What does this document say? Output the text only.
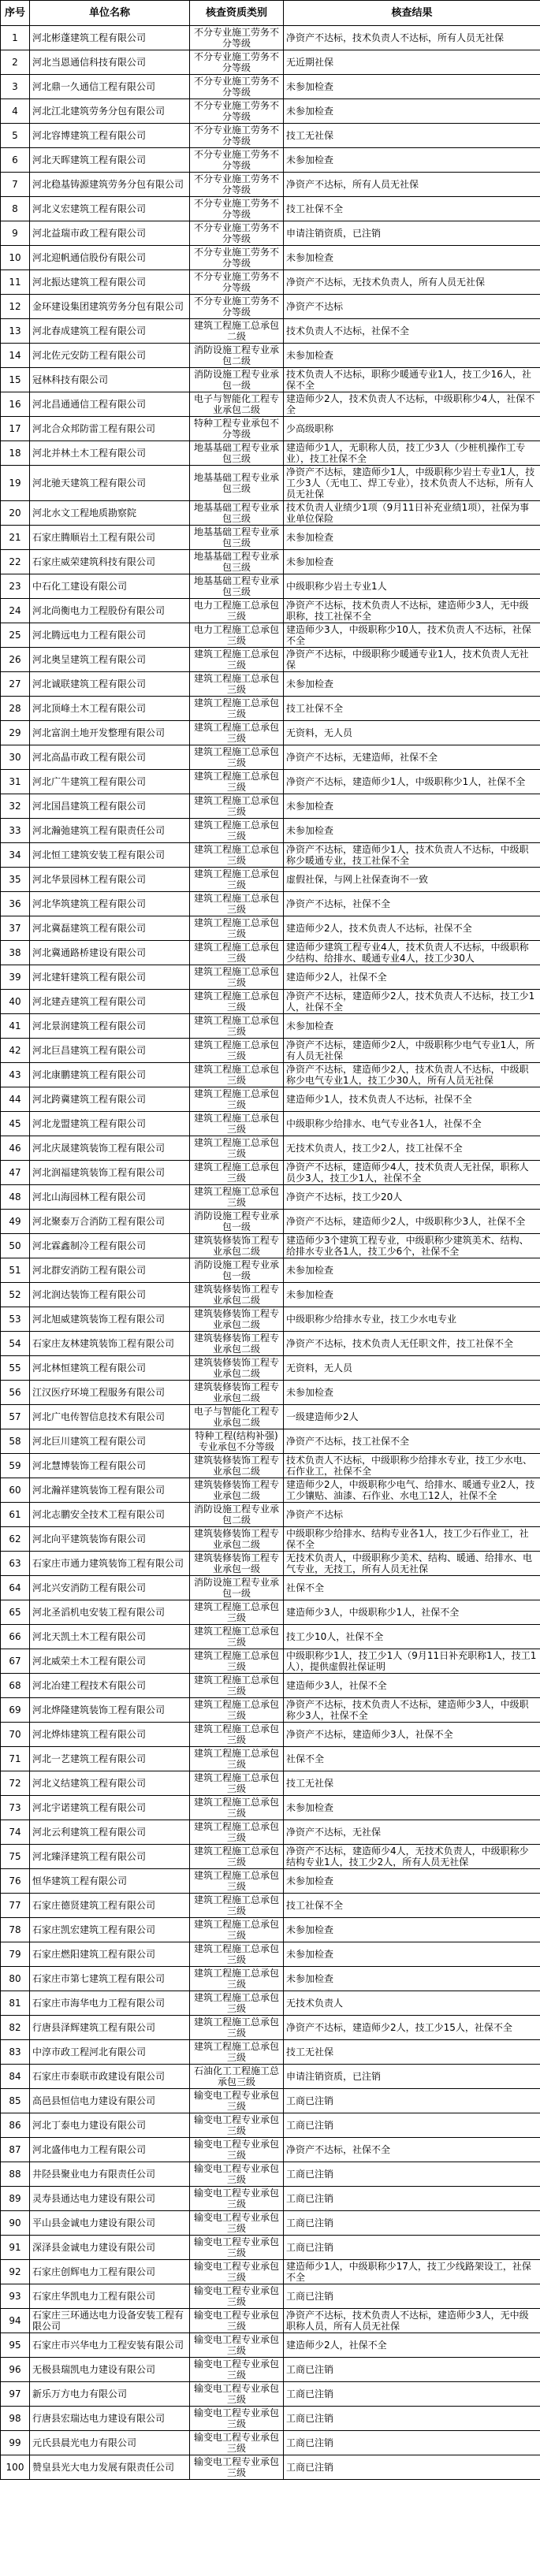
序号	单位名称	核查资质类别	核查结果
1	河北彬蓬建筑工程有限公司	不分专业施工劳务不分等级	净资产不达标，技术负责人不达标，所有人员无社保
2	河北当恩通信科技有限公司	不分专业施工劳务不分等级	无近期社保
3	河北鼎一久通信工程有限公司	不分专业施工劳务不分等级	未参加检查
4	河北江北建筑劳务分包有限公司	不分专业施工劳务不分等级	未参加检查
5	河北容博建筑工程有限公司	不分专业施工劳务不分等级	技工无社保
6	河北天晖建筑工程有限公司	不分专业施工劳务不分等级	未参加检查
7	河北稳基铸源建筑劳务分包有限公司	不分专业施工劳务不分等级	净资产不达标，所有人员无社保
8	河北义宏建筑工程有限公司	不分专业施工劳务不分等级	技工社保不全
9	河北益瑞市政工程有限公司	不分专业施工劳务不分等级	申请注销资质，已注销
10	河北迎帆通信股份有限公司	不分专业施工劳务不分等级	未参加检查
11	河北振达建筑工程有限公司	不分专业施工劳务不分等级	净资产不达标，无技术负责人，所有人员无社保
12	金环建设集团建筑劳务分包有限公司	不分专业施工劳务不分等级	净资产不达标
13	河北春成建筑工程有限公司	建筑工程施工总承包二级	技术负责人不达标，社保不全
14	河北佐元安防工程有限公司	消防设施工程专业承包二级	未参加检查
15	冠林科技有限公司	消防设施工程专业承包一级	技术负责人不达标，职称少暖通专业1人，技工少16人，社保不全
16	河北昌通通信工程有限公司	电子与智能化工程专业承包二级	建造师少2人，技术负责人不达标，中级职称少4人，社保不全
17	河北合众邦防雷工程有限公司	特种工程专业承包不分等级	少高级职称
18	河北并林土木工程有限公司	地基基础工程专业承包三级	建造师少1人，无职称人员，技工少3人（少桩机操作工专业），技工社保不全
19	河北驰天建筑工程有限公司	地基基础工程专业承包三级	净资产不达标，建造师少1人，中级职称少岩土专业1人，技工少3人（无电工、焊工专业），技术负责人不达标，所有人员无社保
20	河北水文工程地质勘察院	地基基础工程专业承包三级	技术负责人业绩少1项（9月11日补充业绩1项），社保为事业单位保险
21	石家庄腾顺岩土工程有限公司	地基基础工程专业承包三级	未参加检查
22	石家庄威荣建筑科技有限公司	地基基础工程专业承包三级	未参加检查
23	中石化工建设有限公司	地基基础工程专业承包三级	中级职称少岩土专业1人
24	河北尚衡电力工程股份有限公司	电力工程施工总承包三级	净资产不达标，技术负责人不达标，建造师少3人，无中级职称，技工社保不全
25	河北腾远电力工程有限公司	电力工程施工总承包三级	建造师少3人，中级职称少10人，技术负责人不达标，社保不全
26	河北奥呈建筑工程有限公司	建筑工程施工总承包三级	净资产不达标，中级职称少暖通专业1人，技术负责人无社保
27	河北诚联建筑工程有限公司	建筑工程施工总承包三级	未参加检查
28	河北顶峰土木工程有限公司	建筑工程施工总承包三级	技工社保不全
29	河北富润土地开发整理有限公司	建筑工程施工总承包三级	无资料，无人员
30	河北高晶市政工程有限公司	建筑工程施工总承包三级	净资产不达标，无建造师，社保不全
31	河北广牛建筑工程有限公司	建筑工程施工总承包三级	净资产不达标，建造师少1人，中级职称少1人，社保不全
32	河北国昌建筑工程有限公司	建筑工程施工总承包三级	未参加检查
33	河北瀚弛建筑工程有限责任公司	建筑工程施工总承包三级	未参加检查
34	河北恒工建筑安装工程有限公司	建筑工程施工总承包三级	净资产不达标，建造师少1人，技术负责人不达标，中级职称少暖通专业，技工社保不全
35	河北华景园林工程有限公司	建筑工程施工总承包三级	虚假社保，与网上社保查询不一致
36	河北华筑建筑工程有限公司	建筑工程施工总承包三级	净资产不达标，社保不全
37	河北冀磊建筑工程有限公司	建筑工程施工总承包三级	建造师少2人，技术负责人不达标，社保不全
38	河北冀通路桥建设有限公司	建筑工程施工总承包三级	建造师少建筑工程专业4人，技术负责人不达标，中级职称少结构、给排水、暖通专业4人，技工少30人
39	河北建轩建筑工程有限公司	建筑工程施工总承包三级	建造师少2人，社保不全
40	河北建垚建筑工程有限公司	建筑工程施工总承包三级	净资产不达标，建造师少2人，技术负责人不达标，技工少1人，社保不全
41	河北景润建筑工程有限公司	建筑工程施工总承包三级	未参加检查
42	河北巨昌建筑工程有限公司	建筑工程施工总承包三级	净资产不达标，建造师少2人，中级职称少电气专业1人，所有人员无社保
43	河北康鹏建筑工程有限公司	建筑工程施工总承包三级	净资产不达标，建造师少2人，技术负责人不达标，中级职称少电气专业1人，技工少30人，所有人员无社保
44	河北跨冀建筑工程有限公司	建筑工程施工总承包三级	建造师少1人，技术负责人不达标，社保不全
45	河北龙盟建筑工程有限公司	建筑工程施工总承包三级	中级职称少给排水、电气专业各1人，社保不全
46	河北庆晟建筑装饰工程有限公司	建筑工程施工总承包三级	无技术负责人，技工少2人，技工社保不全
47	河北润福建筑装饰工程有限公司	建筑工程施工总承包三级	净资产不达标，建造师少4人，技术负责人无社保，职称人员少3人，技工少1人，社保不全
48	河北山海园林工程有限公司	建筑工程施工总承包三级	净资产不达标，技工少20人
49	河北聚泰万合消防工程有限公司	消防设施工程专业承包一级	净资产不达标，建造师少2人，中级职称少3人，社保不全
50	河北霖鑫制冷工程有限公司	建筑装修装饰工程专业承包二级	建造师少3个建筑工程专业，中级职称少建筑美术、结构、给排水专业各1人，技工少6个，社保不全
51	河北群安消防工程有限公司	消防设施工程专业承包一级	未参加检查
52	河北润达装饰工程有限公司	建筑装修装饰工程专业承包二级	未参加检查
53	河北旭威建筑装饰工程有限公司	建筑装修装饰工程专业承包二级	中级职称少给排水专业，技工少水电专业
54	石家庄友林建筑装饰工程有限公司	建筑装修装饰工程专业承包二级	净资产不达标，技术负责人无任职文件，技工社保不全
55	河北林恒建筑工程有限公司	建筑装修装饰工程专业承包二级	无资料，无人员
56	江汉医疗环境工程服务有限公司	建筑装修装饰工程专业承包二级	未参加检查
57	河北广电传智信息技术有限公司	电子与智能化工程专业承包二级	一级建造师少2人
58	河北巨川建筑工程有限公司	特种工程(结构补强)专业承包不分等级	净资产不达标，技工社保不全
59	河北慧博装饰工程有限公司	建筑装修装饰工程专业承包二级	技术负责人不达标，中级职称少给排水专业，技工少水电、石作业工，社保不全
60	河北瀚祥建筑装饰工程有限公司	建筑装修装饰工程专业承包二级	建造师少2人，中级职称少电气、给排水、暖通专业2人，技工少镶贴、油漆、石作业、水电工12人，社保不全
61	河北志鹏安全技术工程有限公司	消防设施工程专业承包二级	净资产不达标
62	河北向平建筑装饰有限公司	建筑装修装饰工程专业承包二级	中级职称少给排水、结构专业各1人，技工少石作业工，社保不全
63	石家庄市通力建筑装饰工程有限公司	建筑装修装饰工程专业承包一级	无技术负责人，中级职称少美术、结构、暖通、给排水、电气专业，无技工，所有人员无社保
64	河北兴安消防工程有限公司	消防设施工程专业承包一级	社保不全
65	河北圣滔机电安装工程有限公司	建筑工程施工总承包三级	建造师少3人，中级职称少1人，社保不全
66	河北天凯土木工程有限公司	建筑工程施工总承包三级	技工少10人，社保不全
67	河北威荣土木工程有限公司	建筑工程施工总承包三级	中级职称少1人，技工少1人（9月11日补充职称1人，技工1人），提供虚假社保证明
68	河北冶建工程技术有限公司	建筑工程施工总承包三级	建造师少3人，社保不全
69	河北烨隆建筑装饰工程有限公司	建筑工程施工总承包三级	净资产不达标，技术负责人不达标，建造师少3人，中级职称少3人，社保不全
70	河北烨炜建筑工程有限公司	建筑工程施工总承包三级	净资产不达标，建造师少3人，社保不全
71	河北一艺建筑工程有限公司	建筑工程施工总承包三级	社保不全
72	河北义结建筑工程有限公司	建筑工程施工总承包三级	技工无社保
73	河北宇诺建筑工程有限公司	建筑工程施工总承包三级	未参加检查
74	河北云利建筑工程有限公司	建筑工程施工总承包三级	净资产不达标，无社保
75	河北臻泽建筑工程有限公司	建筑工程施工总承包三级	净资产不达标，建造师少4人，无技术负责人，中级职称少结构专业1人，技工少2人，所有人员无社保
76	恒华建筑工程有限公司	建筑工程施工总承包三级	未参加检查
77	石家庄德贤建筑工程有限公司	建筑工程施工总承包三级	技工社保不全
78	石家庄凯宏建筑工程有限公司	建筑工程施工总承包三级	未参加检查
79	石家庄燃阳建筑工程有限公司	建筑工程施工总承包三级	未参加检查
80	石家庄市第七建筑工程有限公司	建筑工程施工总承包三级	未参加检查
81	石家庄市海华电力工程有限公司	建筑工程施工总承包三级	无技术负责人
82	行唐县泽辉建筑工程有限公司	建筑工程施工总承包三级	净资产不达标，建造师少2人，技工少15人，社保不全
83	中淳市政工程河北有限公司	建筑工程施工总承包三级	技工无社保
84	石家庄市泰联市政建设有限公司	石油化工工程施工总承包三级	申请注销资质，已注销
85	高邑县恒信电力建设有限公司	输变电工程专业承包三级	工商已注销
86	河北丁泰电力建设有限公司	输变电工程专业承包三级	工商已注销
87	河北盛伟电力工程有限公司	输变电工程专业承包三级	净资产不达标，社保不全
88	井陉县聚业电力有限责任公司	输变电工程专业承包三级	工商已注销
89	灵寿县通达电力建设有限公司	输变电工程专业承包三级	工商已注销
90	平山县金诚电力建设有限公司	输变电工程专业承包三级	工商已注销
91	深泽县金诚电力建设有限公司	输变电工程专业承包三级	工商已注销
92	石家庄创辉电力工程有限公司	输变电工程专业承包三级	建造师少1人，中级职称少17人，技工少线路架设工，社保不全
93	石家庄华凯电力工程有限公司	输变电工程专业承包三级	工商已注销
94	石家庄三环通达电力设备安装工程有限公司	输变电工程专业承包三级	净资产不达标，技术负责人不达标，建造师少3人，无中级职称人员，所有人员无社保
95	石家庄市兴华电力工程安装有限公司	输变电工程专业承包三级	建造师少2人，社保不全
96	无极县瑞凯电力建设有限公司	输变电工程专业承包三级	工商已注销
97	新乐万方电力有限公司	输变电工程专业承包三级	工商已注销
98	行唐县宏瑞达电力建设有限公司	输变电工程专业承包三级	工商已注销
99	元氏县晨光电力有限公司	输变电工程专业承包三级	工商已注销
100	赞皇县光大电力发展有限责任公司	输变电工程专业承包三级	工商已注销
